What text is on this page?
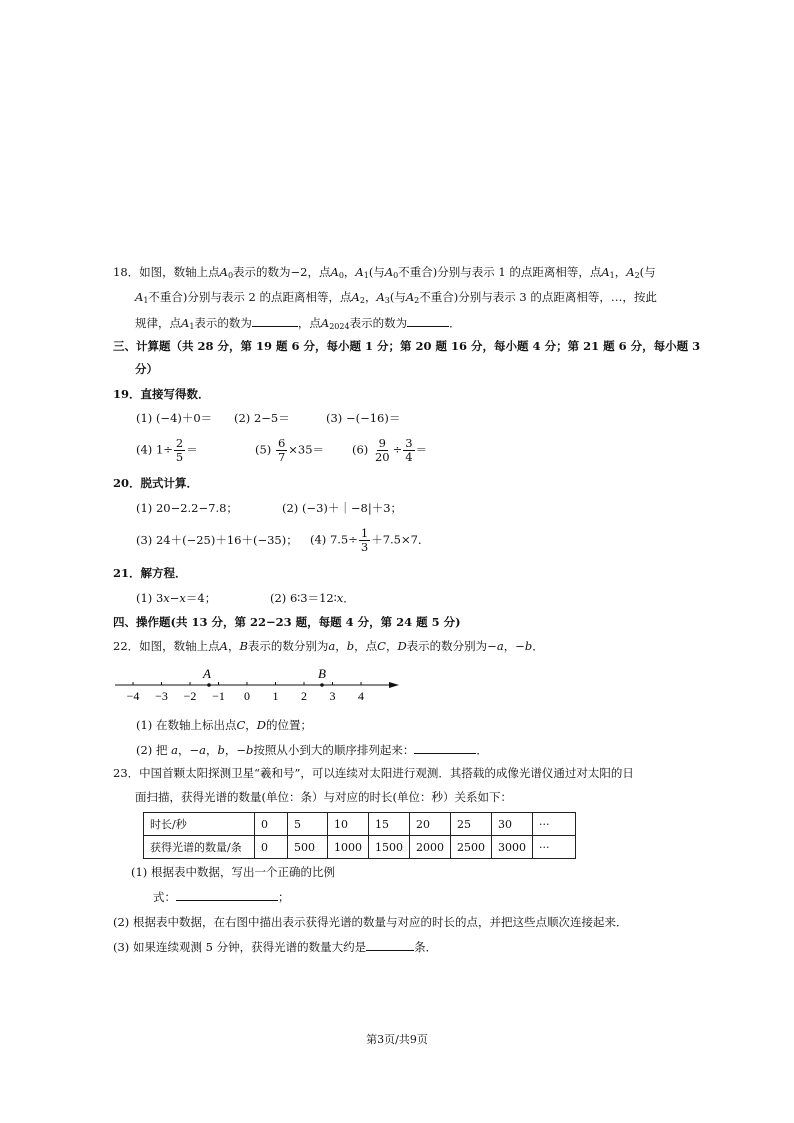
18．如图，数轴上点$A_0$表示的数为−2，点$A_0$，$A_1$(与$A_0$不重合)分别与表示 1 的点距离相等，点$A_1$，$A_2$(与
$A_1$不重合)分别与表示 2 的点距离相等，点$A_2$，$A_3$(与$A_2$不重合)分别与表示 3 的点距离相等，…，按此
规律，点$A_1$表示的数为	，点$A_{2024}$表示的数为	．
三、计算题（共 28 分，第 19 题 6 分，每小题 1 分；第 20 题 16 分，每小题 4 分；第 21 题 6 分，每小题 3
分）
19．直接写得数．
(1) (−4)＋0＝ (2) 2−5＝	(3) −(−16)＝
(4) $1\div \frac{2}{5}$ ＝	$(5) \frac{6}{7} \times 35= (6) \frac{9}{20} \div \frac{3}{4}$ ＝
20．脱式计算．
(1) 20−2.2−7.8；	(2) (−3)＋｜−8|＋3；
(3) 24＋(−25)＋16＋(−35)； (4) $7.5\div \frac{1}{3} +7.5\times 7$．
21．解方程．
(1) 3x−x＝4；	(2) 6∶3＝12∶x．
四、操作题(共 13 分，第 22−23 题，每题 4 分，第 24 题 5 分)
22．如图，数轴上点A，B表示的数分别为a，b，点C，D表示的数分别为−a，−b．
−4 −3 −2 −1 0 1 2 3 4
A	B
(1) 在数轴上标出点C，D的位置；
(2) 把 a，−a，b，−b按照从小到大的顺序排列起来：	．
23．中国首颗太阳探测卫星“羲和号”，可以连续对太阳进行观测．其搭载的成像光谱仪通过对太阳的日
面扫描，获得光谱的数量(单位：条）与对应的时长(单位：秒）关系如下：
时长/秒	0	5	10	15	20	25	30	···
获得光谱的数量/条	0	500	1000	1500	2000	2500	3000	···
(1) 根据表中数据，写出一个正确的比例
式：	；
(2) 根据表中数据，在右图中描出表示获得光谱的数量与对应的时长的点，并把这些点顺次连接起来．
(3) 如果连续观测 5 分钟，获得光谱的数量大约是	条．
第3页/共9页
